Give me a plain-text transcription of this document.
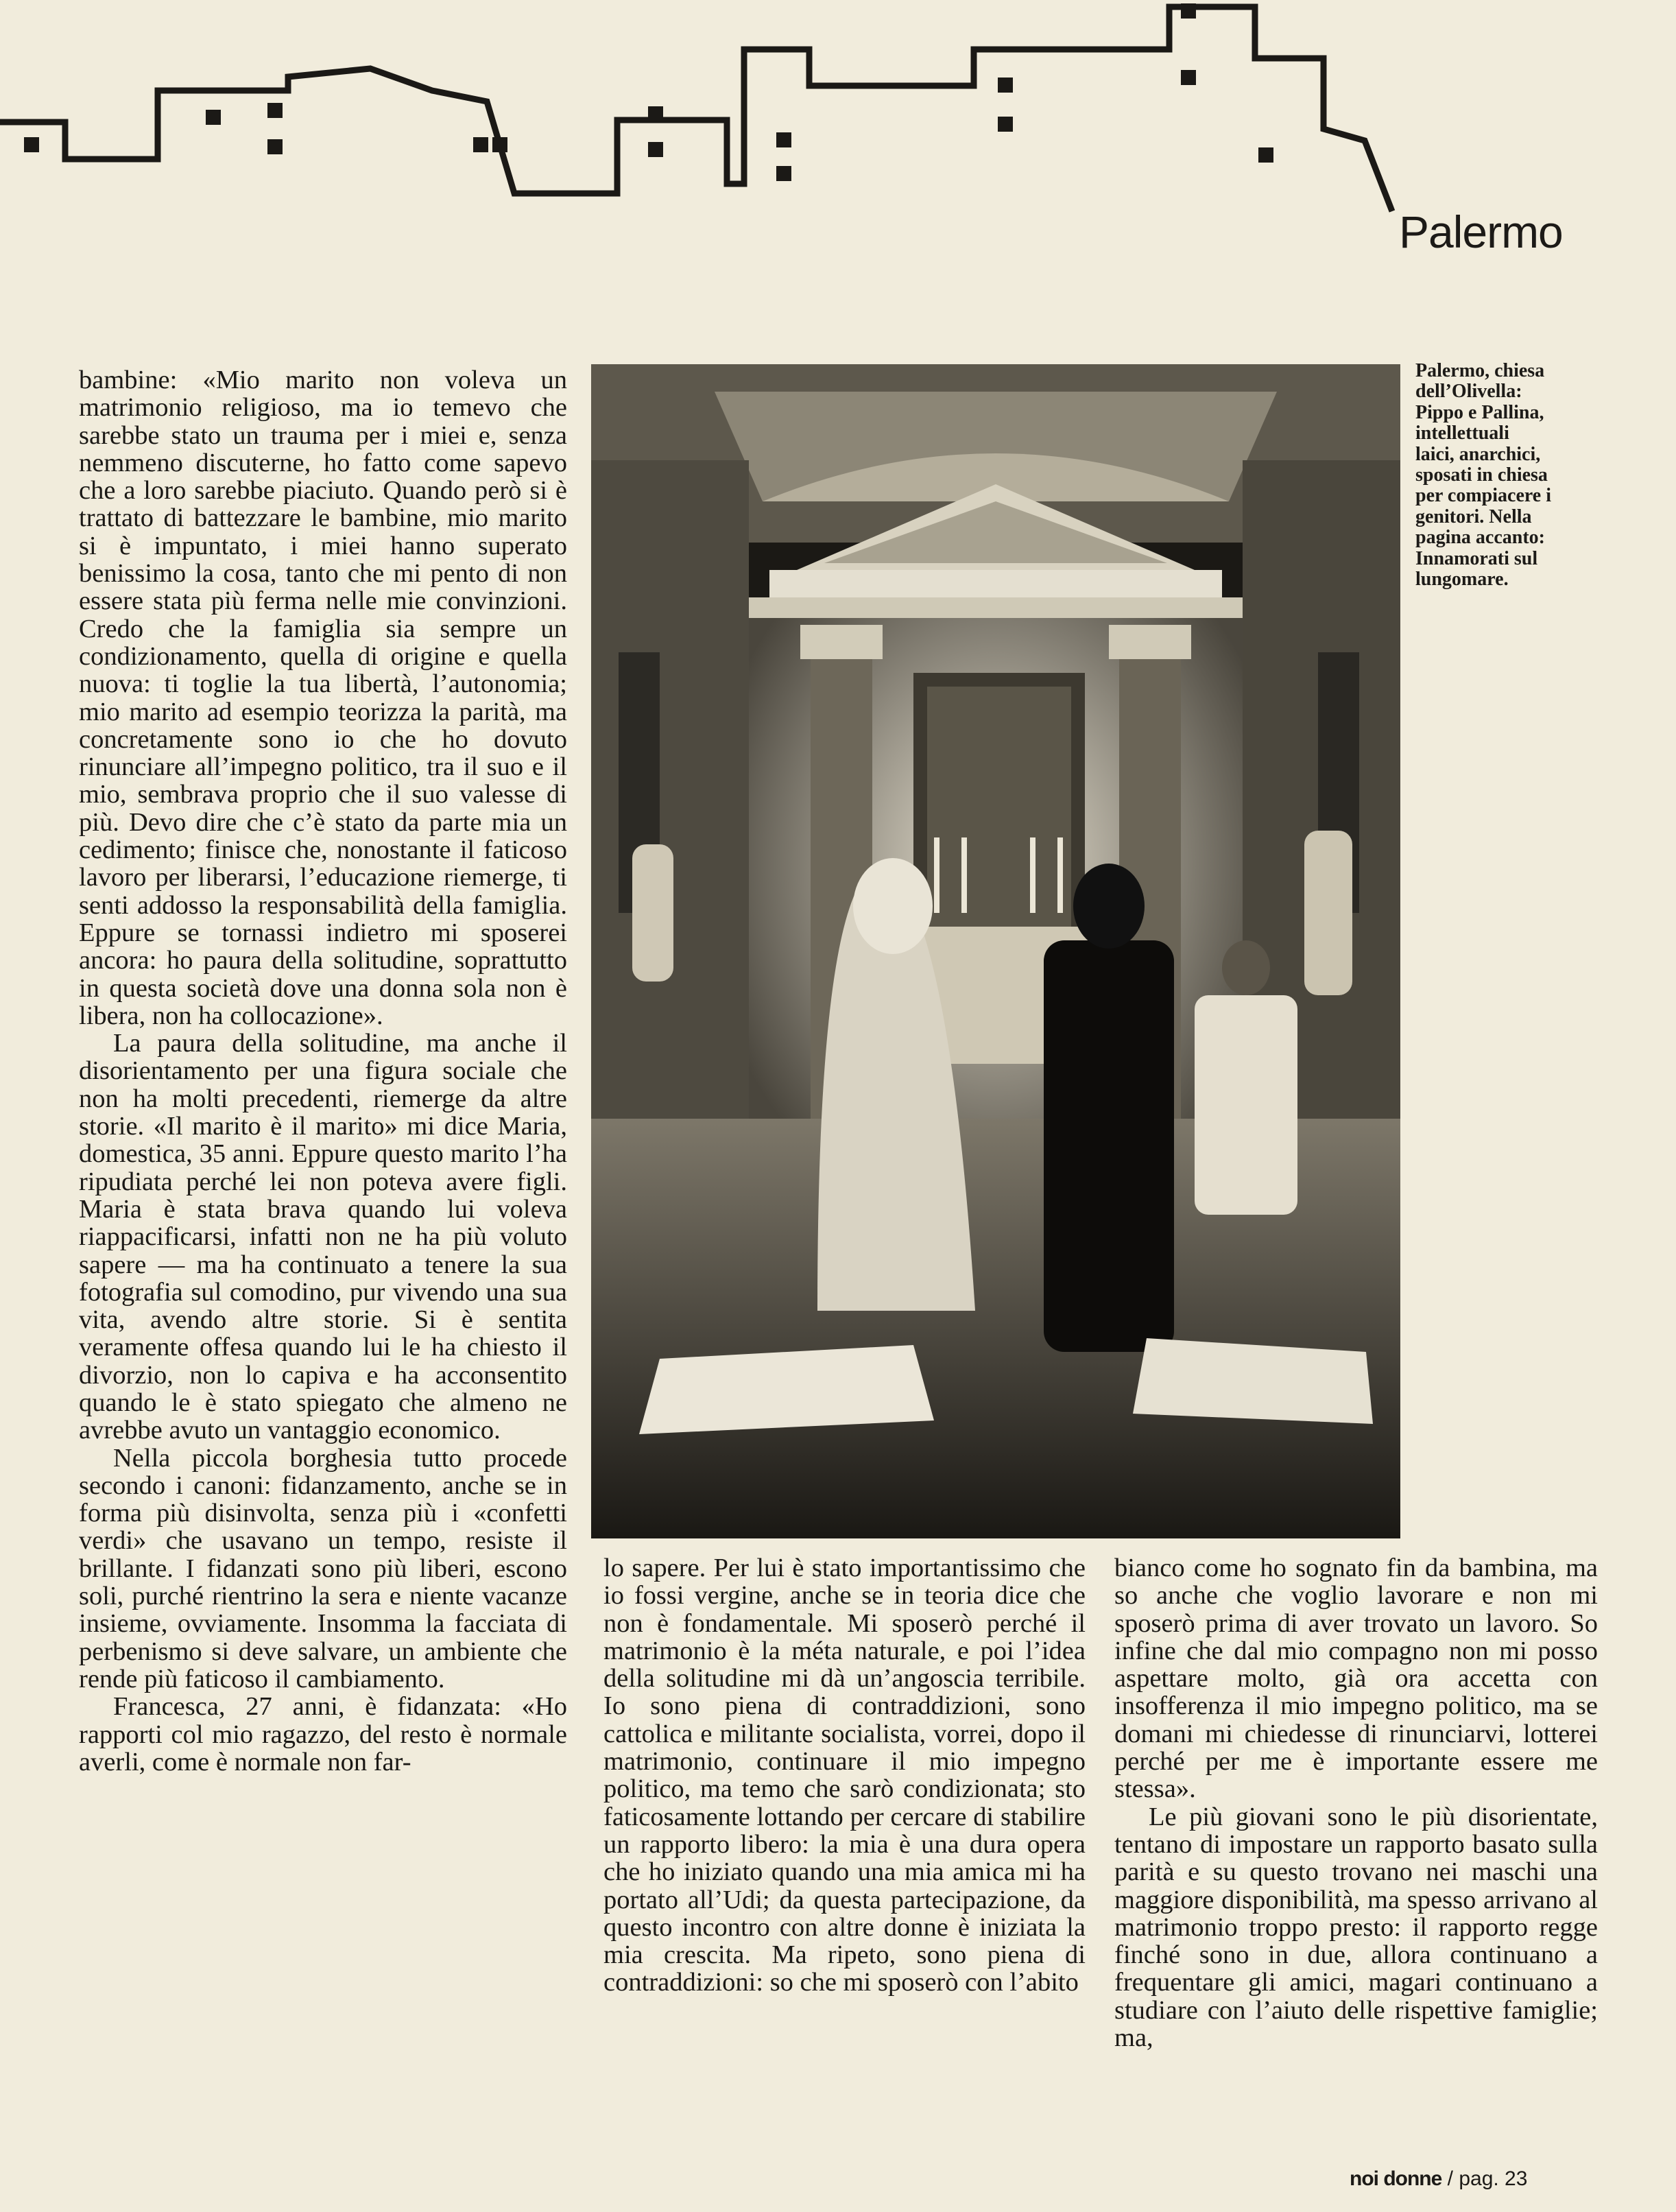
Palermo

bambine: «Mio marito non voleva un matrimonio religioso, ma io temevo che sarebbe stato un trauma per i miei e, senza nemmeno discuterne, ho fatto come sapevo che a loro sarebbe piaciuto. Quando però si è trattato di battezzare le bambine, mio marito si è impuntato, i miei hanno superato benissimo la cosa, tanto che mi pento di non essere stata più ferma nelle mie convinzioni. Credo che la famiglia sia sempre un condizionamento, quella di origine e quella nuova: ti toglie la tua libertà, l’autonomia; mio marito ad esempio teorizza la parità, ma concretamente sono io che ho dovuto rinunciare all’impegno politico, tra il suo e il mio, sembrava proprio che il suo valesse di più. Devo dire che c’è stato da parte mia un cedimento; finisce che, nonostante il faticoso lavoro per liberarsi, l’educazione riemerge, ti senti addosso la responsabilità della famiglia. Eppure se tornassi indietro mi sposerei ancora: ho paura della solitudine, soprattutto in questa società dove una donna sola non è libera, non ha collocazione».

La paura della solitudine, ma anche il disorientamento per una figura sociale che non ha molti precedenti, riemerge da altre storie. «Il marito è il marito» mi dice Maria, domestica, 35 anni. Eppure questo marito l’ha ripudiata perché lei non poteva avere figli. Maria è stata brava quando lui voleva riappacificarsi, infatti non ne ha più voluto sapere — ma ha continuato a tenere la sua fotografia sul comodino, pur vivendo una sua vita, avendo altre storie. Si è sentita veramente offesa quando lui le ha chiesto il divorzio, non lo capiva e ha acconsentito quando le è stato spiegato che almeno ne avrebbe avuto un vantaggio economico.

Nella piccola borghesia tutto procede secondo i canoni: fidanzamento, anche se in forma più disinvolta, senza più i «confetti verdi» che usavano un tempo, resiste il brillante. I fidanzati sono più liberi, escono soli, purché rientrino la sera e niente vacanze insieme, ovviamente. Insomma la facciata di perbenismo si deve salvare, un ambiente che rende più faticoso il cambiamento.

Francesca, 27 anni, è fidanzata: «Ho rapporti col mio ragazzo, del resto è normale averli, come è normale non far-

Palermo, chiesa dell’Olivella: Pippo e Pallina, intellettuali laici, anarchici, sposati in chiesa per compiacere i genitori. Nella pagina accanto: Innamorati sul lungomare.

lo sapere. Per lui è stato importantissimo che io fossi vergine, anche se in teoria dice che non è fondamentale. Mi sposerò perché il matrimonio è la méta naturale, e poi l’idea della solitudine mi dà un’angoscia terribile. Io sono piena di contraddizioni, sono cattolica e militante socialista, vorrei, dopo il matrimonio, continuare il mio impegno politico, ma temo che sarò condizionata; sto faticosamente lottando per cercare di stabilire un rapporto libero: la mia è una dura opera che ho iniziato quando una mia amica mi ha portato all’Udi; da questa partecipazione, da questo incontro con altre donne è iniziata la mia crescita. Ma ripeto, sono piena di contraddizioni: so che mi sposerò con l’abito

bianco come ho sognato fin da bambina, ma so anche che voglio lavorare e non mi sposerò prima di aver trovato un lavoro. So infine che dal mio compagno non mi posso aspettare molto, già ora accetta con insofferenza il mio impegno politico, ma se domani mi chiedesse di rinunciarvi, lotterei perché per me è importante essere me stessa».

Le più giovani sono le più disorientate, tentano di impostare un rapporto basato sulla parità e su questo trovano nei maschi una maggiore disponibilità, ma spesso arrivano al matrimonio troppo presto: il rapporto regge finché sono in due, allora continuano a frequentare gli amici, magari continuano a studiare con l’aiuto delle rispettive famiglie; ma,

noi donne / pag. 23
